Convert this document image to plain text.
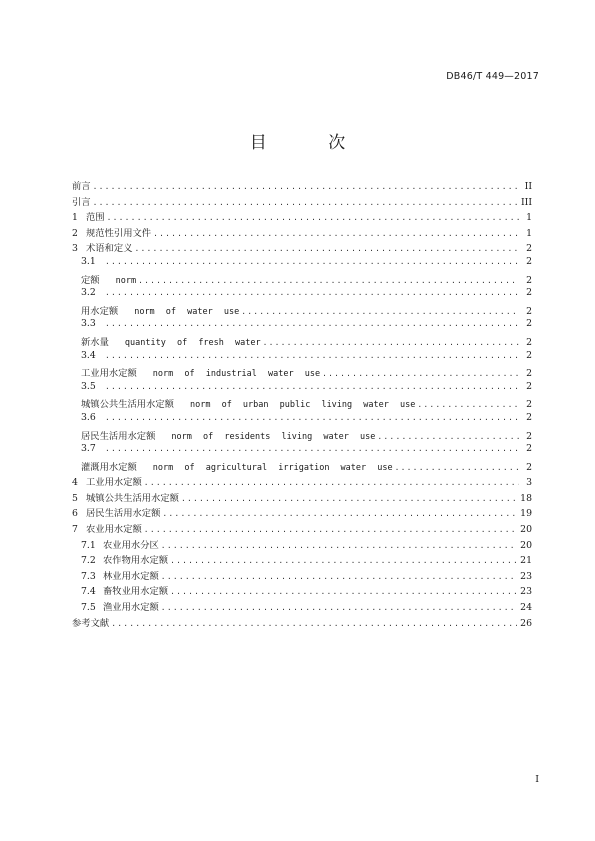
DB46/T 449—2017
目 次
前言 .....	II
引言 .....	III
1 范围 .....	1
2 规范性引用文件 .....	1
3 术语和定义 .....	2
3.1 .....	2
定额 norm .....	2
3.2 .....	2
用水定额 norm of water use .....	2
3.3 .....	2
新水量 quantity of fresh water .....	2
3.4 .....	2
工业用水定额 norm of industrial water use .....	2
3.5 .....	2
城镇公共生活用水定额 norm of urban public living water use .....	2
3.6 .....	2
居民生活用水定额 norm of residents living water use .....	2
3.7 .....	2
灌溉用水定额 norm of agricultural irrigation water use .....	2
4 工业用水定额 .....	3
5 城镇公共生活用水定额 .....	18
6 居民生活用水定额 .....	19
7 农业用水定额 .....	20
7.1 农业用水分区 .....	20
7.2 农作物用水定额 .....	21
7.3 林业用水定额 .....	23
7.4 畜牧业用水定额 .....	23
7.5 渔业用水定额 .....	24
参考文献 .....	26
I
